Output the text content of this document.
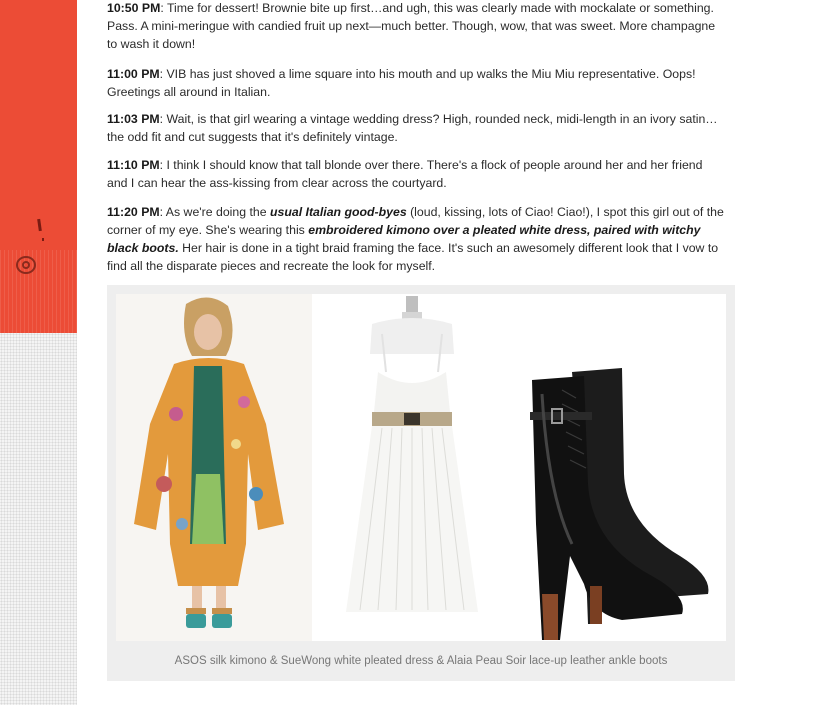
10:50 PM: Time for dessert! Brownie bite up first…and ugh, this was clearly made with mockalate or something.
Pass. A mini-meringue with candied fruit up next—much better. Though, wow, that was sweet. More champagne
to wash it down!

11:00 PM: VIB has just shoved a lime square into his mouth and up walks the Miu Miu representative. Oops!
Greetings all around in Italian.

11:03 PM: Wait, is that girl wearing a vintage wedding dress? High, rounded neck, midi-length in an ivory satin…
the odd fit and cut suggests that it's definitely vintage.

11:10 PM: I think I should know that tall blonde over there. There's a flock of people around her and her friend
and I can hear the ass-kissing from clear across the courtyard.

11:20 PM: As we're doing the usual Italian good-byes (loud, kissing, lots of Ciao! Ciao!), I spot this girl out of the
corner of my eye. She's wearing this embroidered kimono over a pleated white dress, paired with witchy
black boots. Her hair is done in a tight braid framing the face. It's such an awesomely different look that I vow to
find all the disparate pieces and recreate the look for myself.

ASOS silk kimono & SueWong white pleated dress & Alaia Peau Soir lace-up leather ankle boots
